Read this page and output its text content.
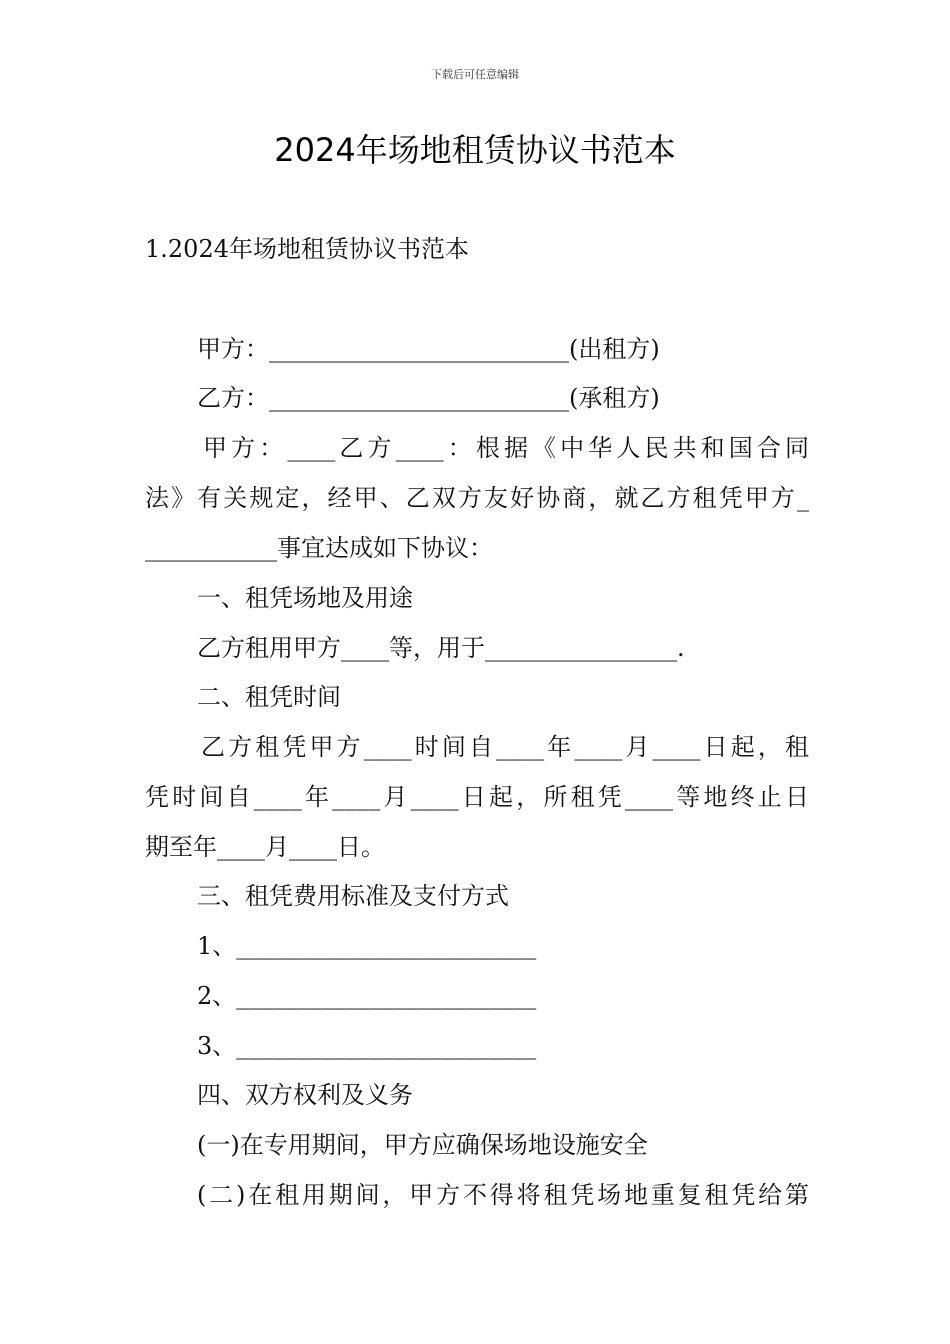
下载后可任意编辑
2024年场地租赁协议书范本
1.2024年场地租赁协议书范本
甲方：_________________________(出租方)
乙方：_________________________(承租方)
甲方：____乙方____：根据《中华人民共和国合同
法》有关规定，经甲、乙双方友好协商，就乙方租凭甲方_
___________事宜达成如下协议：
一、租凭场地及用途
乙方租用甲方____等，用于________________.
二、租凭时间
乙方租凭甲方____时间自____年____月____日起，租
凭时间自____年____月____日起，所租凭____等地终止日
期至年____月____日。
三、租凭费用标准及支付方式
1、_________________________
2、_________________________
3、_________________________
四、双方权利及义务
(一)在专用期间，甲方应确保场地设施安全
(二)在租用期间，甲方不得将租凭场地重复租凭给第
